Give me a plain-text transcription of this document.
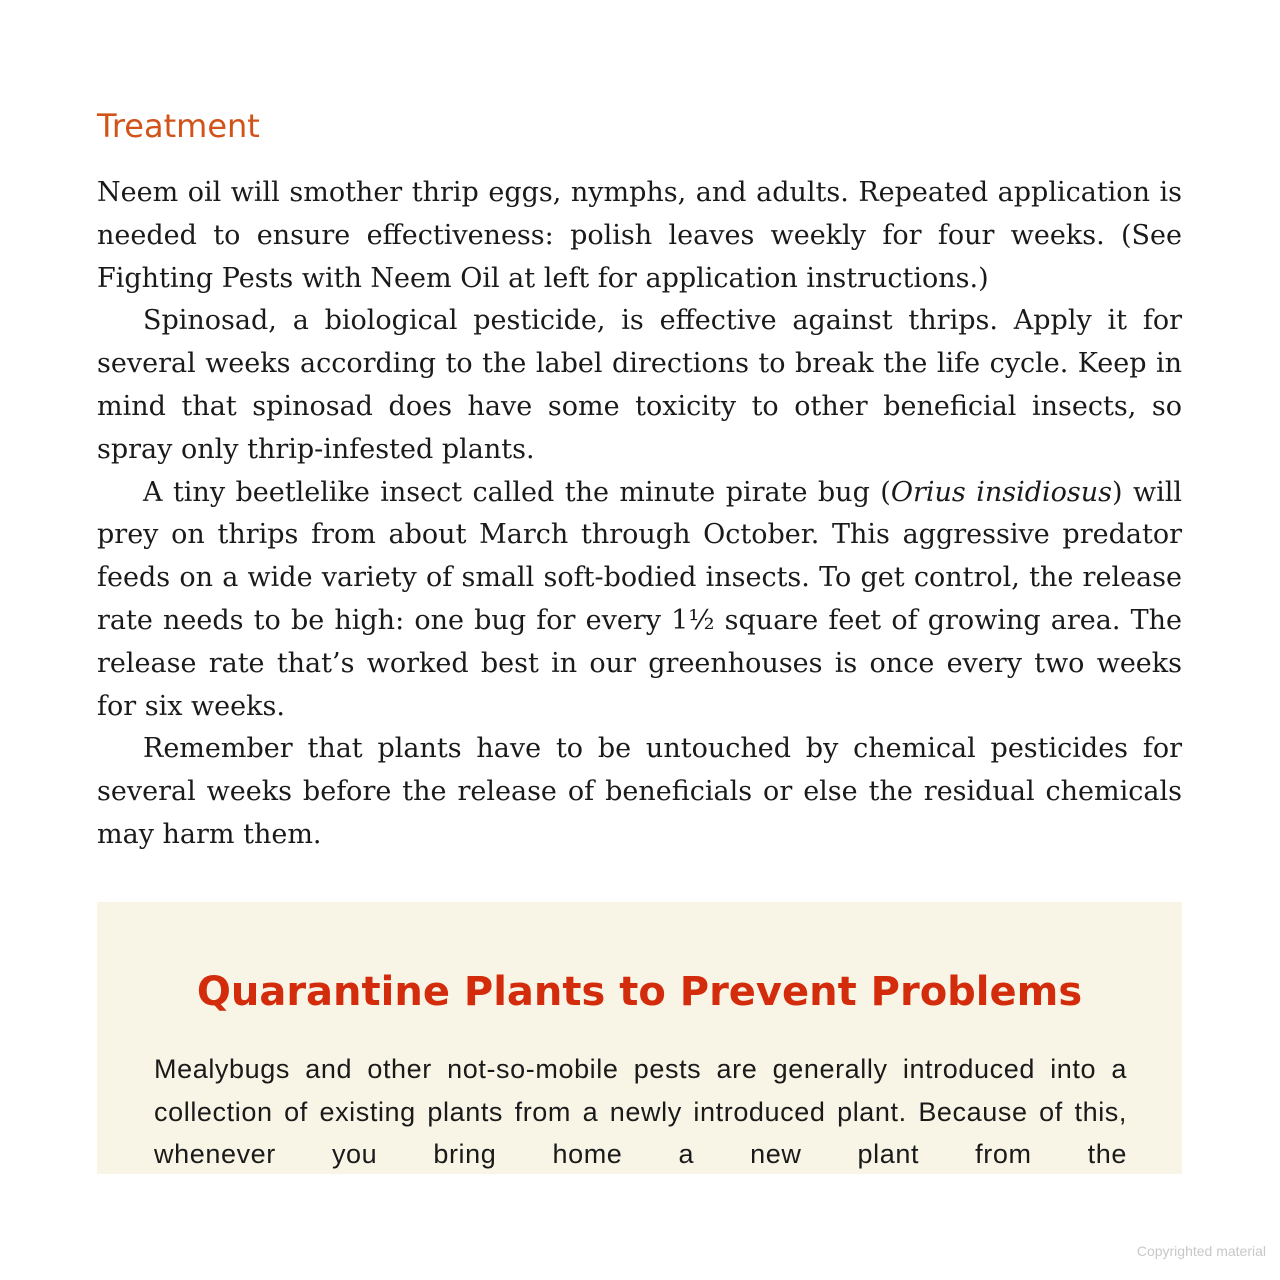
Treatment

Neem oil will smother thrip eggs, nymphs, and adults. Repeated application is needed to ensure effectiveness: polish leaves weekly for four weeks. (See Fighting Pests with Neem Oil at left for application instructions.)

Spinosad, a biological pesticide, is effective against thrips. Apply it for several weeks according to the label directions to break the life cycle. Keep in mind that spinosad does have some toxicity to other beneficial insects, so spray only thrip-infested plants.

A tiny beetlelike insect called the minute pirate bug (Orius insidiosus) will prey on thrips from about March through October. This aggressive predator feeds on a wide variety of small soft-bodied insects. To get control, the release rate needs to be high: one bug for every 1½ square feet of growing area. The release rate that’s worked best in our greenhouses is once every two weeks for six weeks.

Remember that plants have to be untouched by chemical pesticides for several weeks before the release of beneficials or else the residual chemicals may harm them.

Quarantine Plants to Prevent Problems

Mealybugs and other not-so-mobile pests are generally introduced into a collection of existing plants from a newly introduced plant. Because of this, whenever you bring home a new plant from the

Copyrighted material
